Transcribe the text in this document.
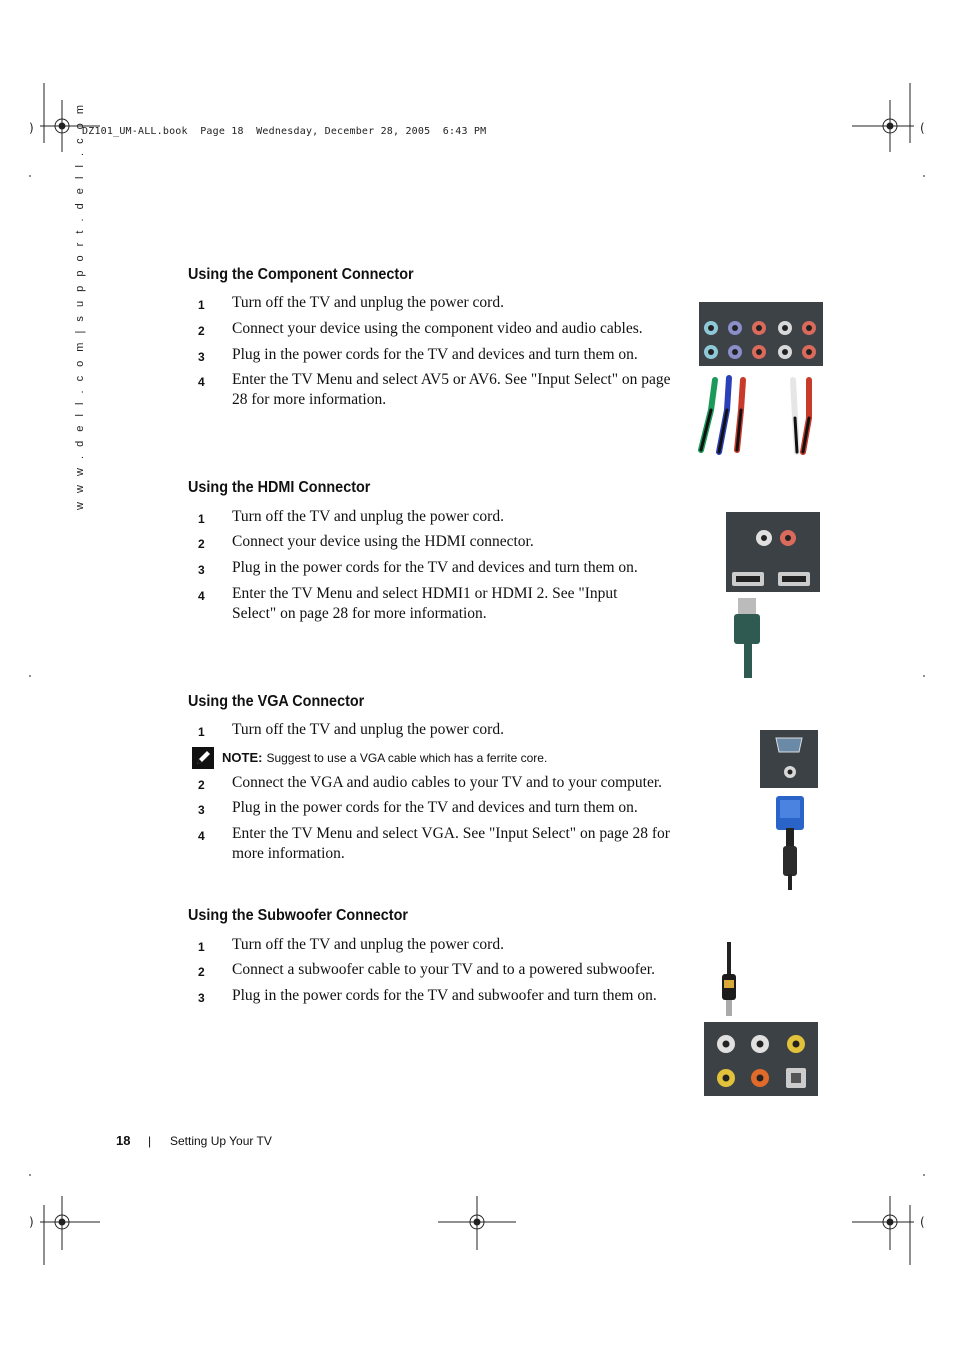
)	(
)	(
DZ101_UM-ALL.book  Page 18  Wednesday, December 28, 2005  6:43 PM
w w w . d e l l . c o m | s u p p o r t . d e l l . c o m	Using the Component Connector
1	Turn off the TV and unplug the power cord.
2	Connect your device using the component video and audio cables.
3	Plug in the power cords for the TV and devices and turn them on.
4	Enter the TV Menu and select AV5 or AV6. See "Input Select" on page 28 for more information.
Using the HDMI Connector
1	Turn off the TV and unplug the power cord.
2	Connect your device using the HDMI connector.
3	Plug in the power cords for the TV and devices and turn them on.
4	Enter the TV Menu and select HDMI1 or HDMI 2. See "Input Select" on page 28 for more information.
Using the VGA Connector
1	Turn off the TV and unplug the power cord.
NOTE: Suggest to use a VGA cable which has a ferrite core.
2	Connect the VGA and audio cables to your TV and to your computer.
3	Plug in the power cords for the TV and devices and turn them on.
4	Enter the TV Menu and select VGA. See "Input Select" on page 28 for more information.
Using the Subwoofer Connector
1	Turn off the TV and unplug the power cord.
2	Connect a subwoofer cable to your TV and to a powered subwoofer.
3	Plug in the power cords for the TV and subwoofer and turn them on.
18 | Setting Up Your TV
